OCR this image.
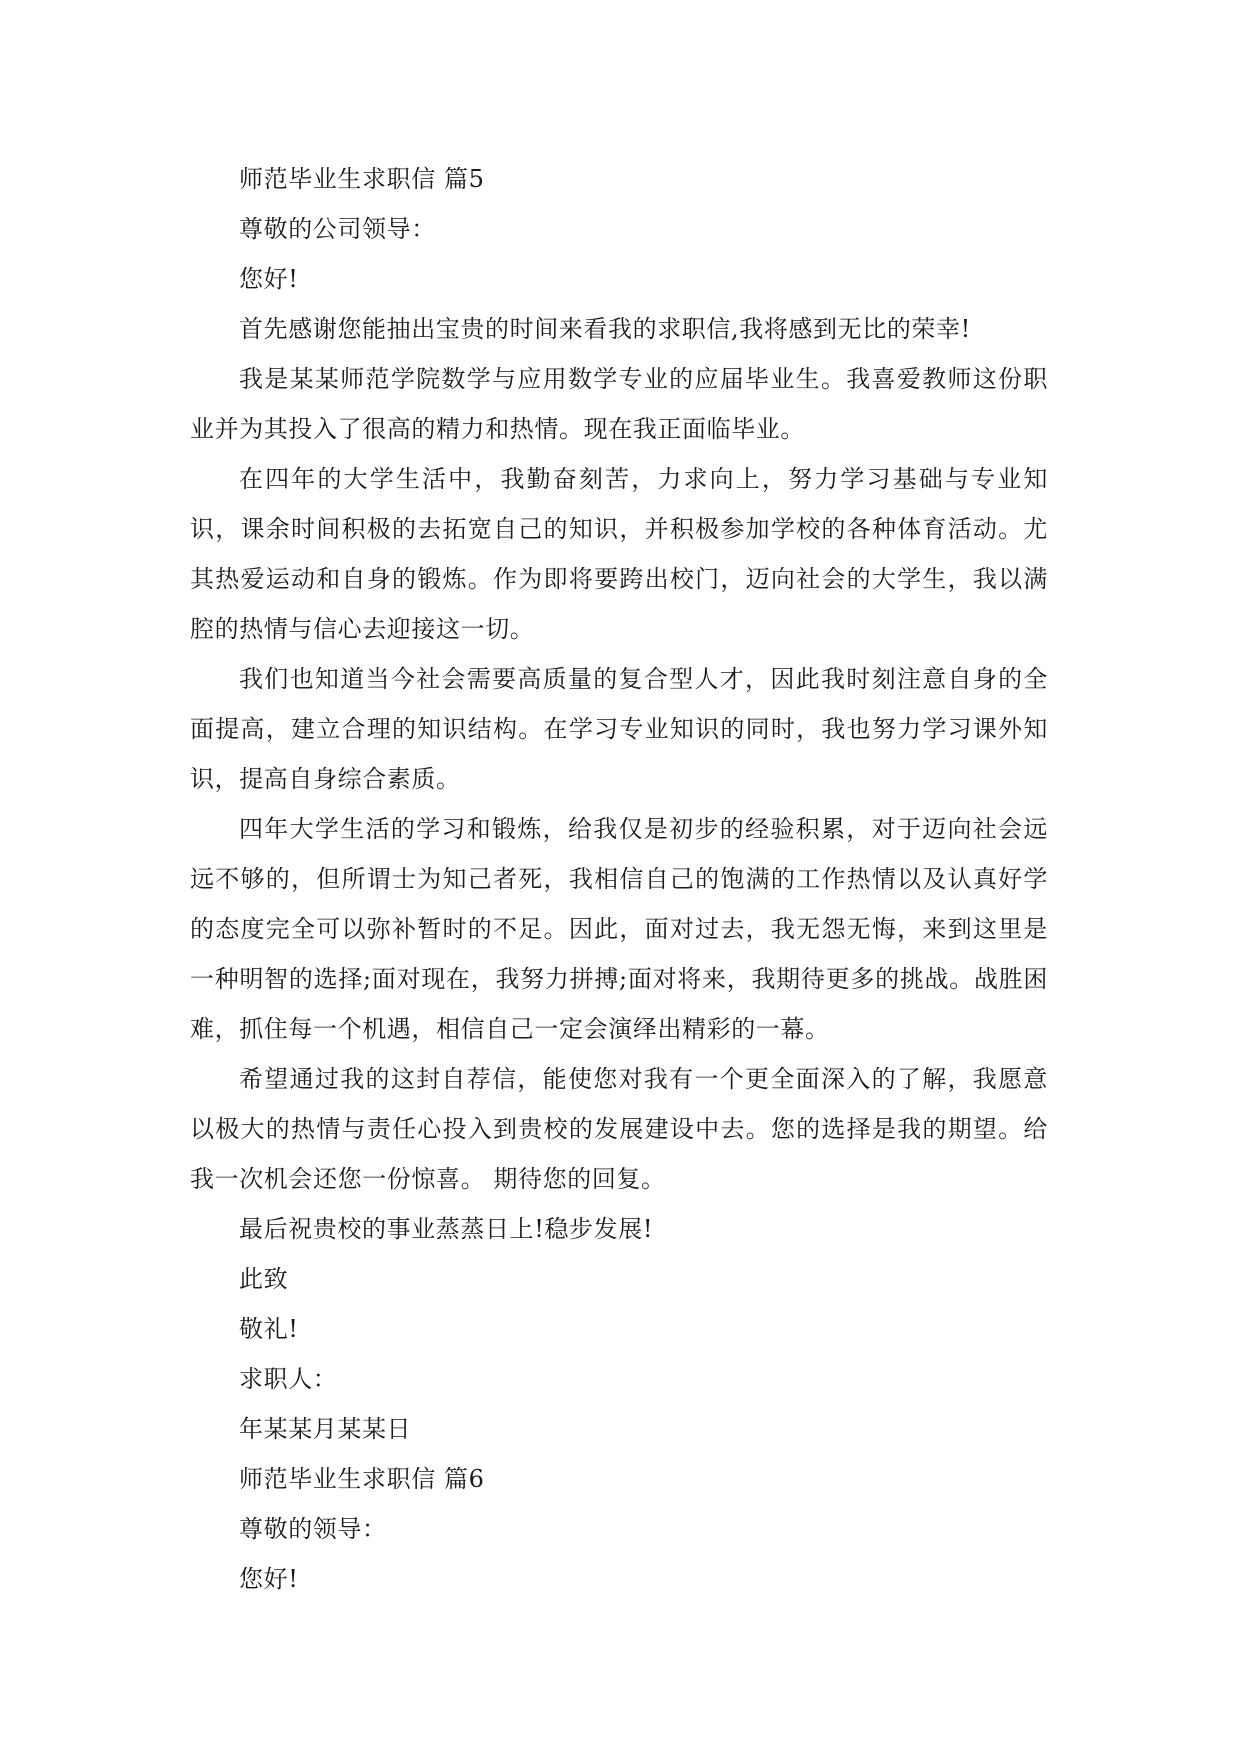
师范毕业生求职信 篇5

尊敬的公司领导：

您好!

首先感谢您能抽出宝贵的时间来看我的求职信,我将感到无比的荣幸!

我是某某师范学院数学与应用数学专业的应届毕业生。我喜爱教师这份职业并为其投入了很高的精力和热情。现在我正面临毕业。

在四年的大学生活中，我勤奋刻苦，力求向上，努力学习基础与专业知识，课余时间积极的去拓宽自己的知识，并积极参加学校的各种体育活动。尤其热爱运动和自身的锻炼。作为即将要跨出校门，迈向社会的大学生，我以满腔的热情与信心去迎接这一切。

我们也知道当今社会需要高质量的复合型人才，因此我时刻注意自身的全面提高，建立合理的知识结构。在学习专业知识的同时，我也努力学习课外知识，提高自身综合素质。

四年大学生活的学习和锻炼，给我仅是初步的经验积累，对于迈向社会远远不够的，但所谓士为知己者死，我相信自己的饱满的工作热情以及认真好学的态度完全可以弥补暂时的不足。因此，面对过去，我无怨无悔，来到这里是一种明智的选择;面对现在，我努力拼搏;面对将来，我期待更多的挑战。战胜困难，抓住每一个机遇，相信自己一定会演绎出精彩的一幕。

希望通过我的这封自荐信，能使您对我有一个更全面深入的了解，我愿意以极大的热情与责任心投入到贵校的发展建设中去。您的选择是我的期望。给我一次机会还您一份惊喜。 期待您的回复。

最后祝贵校的事业蒸蒸日上!稳步发展!

此致

敬礼!

求职人：

年某某月某某日

师范毕业生求职信 篇6

尊敬的领导：

您好!
